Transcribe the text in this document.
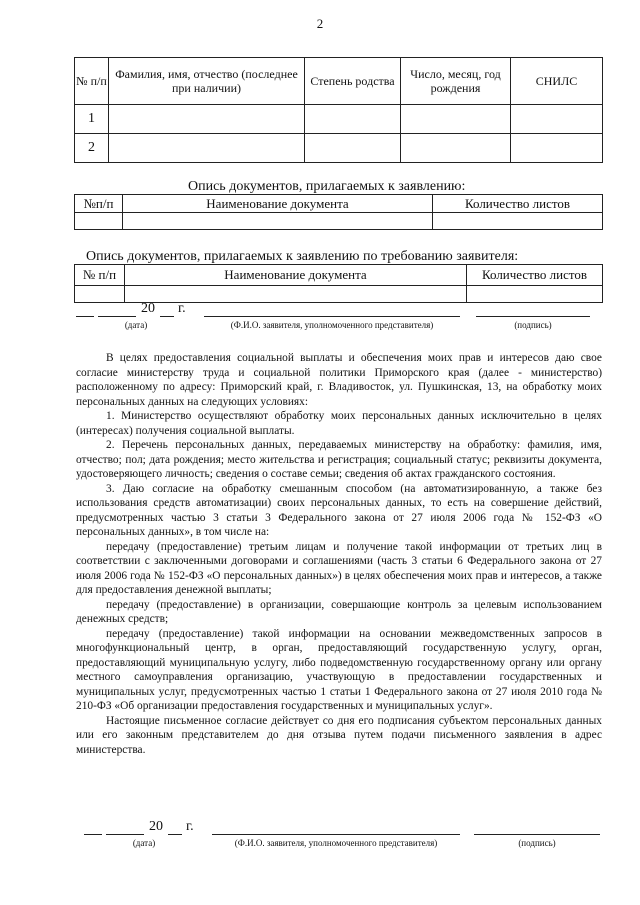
2
№ п/п	Фамилия, имя, отчество (последнее при наличии)	Степень родства	Число, месяц, год рождения	СНИЛС
1				
2				
Опись документов, прилагаемых к заявлению:
№п/п	Наименование документа	Количество листов

Опись документов, прилагаемых к заявлению по требованию заявителя:
№ п/п	Наименование документа	Количество листов

20 г.
(дата)	(Ф.И.О. заявителя, уполномоченного представителя)	(подпись)

В целях предоставления социальной выплаты и обеспечения моих прав и интересов даю свое согласие министерству труда и социальной политики Приморского края (далее - министерство) расположенному по адресу: Приморский край, г. Владивосток, ул. Пушкинская, 13, на обработку моих персональных данных на следующих условиях:

1. Министерство осуществляют обработку моих персональных данных исключительно в целях (интересах) получения социальной выплаты.

2. Перечень персональных данных, передаваемых министерству на обработку: фамилия, имя, отчество; пол; дата рождения; место жительства и регистрация; социальный статус; реквизиты документа, удостоверяющего личность; сведения о составе семьи; сведения об актах гражданского состояния.

3. Даю согласие на обработку смешанным способом (на автоматизированную, а также без использования средств автоматизации) своих персональных данных, то есть на совершение действий, предусмотренных частью 3 статьи 3 Федерального закона от 27 июля 2006 года № 152-ФЗ «О персональных данных», в том числе на:

передачу (предоставление) третьим лицам и получение такой информации от третьих лиц в соответствии с заключенными договорами и соглашениями (часть 3 статьи 6 Федерального закона от 27 июля 2006 года № 152-ФЗ «О персональных данных») в целях обеспечения моих прав и интересов, а также для предоставления денежной выплаты;

передачу (предоставление) в организации, совершающие контроль за целевым использованием денежных средств;

передачу (предоставление) такой информации на основании межведомственных запросов в многофункциональный центр, в орган, предоставляющий государственную услугу, орган, предоставляющий муниципальную услугу, либо подведомственную государственному органу или органу местного самоуправления организацию, участвующую в предоставлении государственных и муниципальных услуг, предусмотренных частью 1 статьи 1 Федерального закона от 27 июля 2010 года № 210-ФЗ «Об организации предоставления государственных и муниципальных услуг».

Настоящие письменное согласие действует со дня его подписания субъектом персональных данных или его законным представителем до дня отзыва путем подачи письменного заявления в адрес министерства.

20 г.
(дата)	(Ф.И.О. заявителя, уполномоченного представителя)	(подпись)
